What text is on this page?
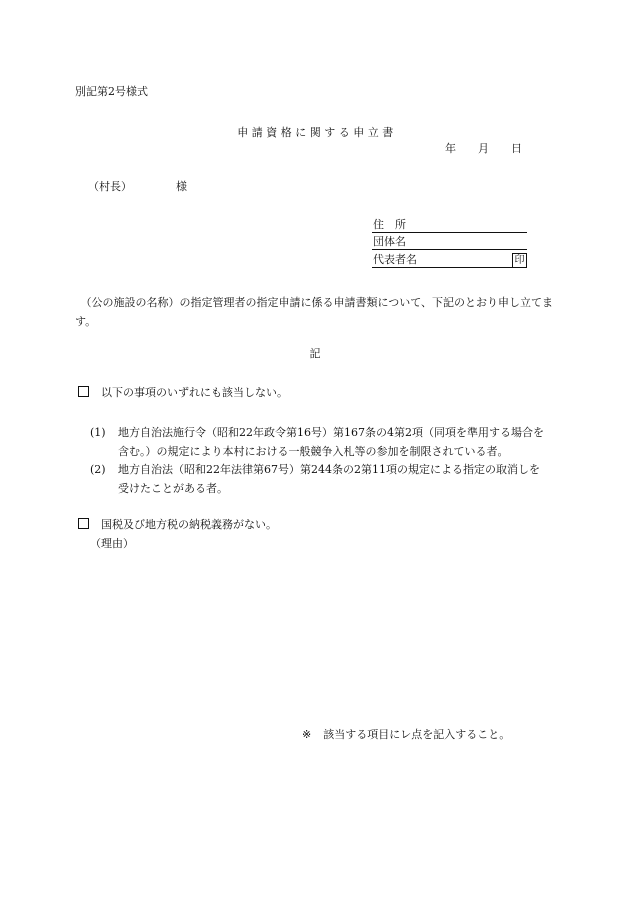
別記第2号様式
申請資格に関する申立書
年 月 日
（村長）	様
住　所
団体名
代表者名	印
　（公の施設の名称）の指定管理者の指定申請に係る申請書類について、下記のとおり申し立てます。
記
以下の事項のいずれにも該当しない。
(1) 地方自治法施行令（昭和22年政令第16号）第167条の4第2項（同項を準用する場合を
含む。）の規定により本村における一般競争入札等の参加を制限されている者。
(2) 地方自治法（昭和22年法律第67号）第244条の2第11項の規定による指定の取消しを
受けたことがある者。
国税及び地方税の納税義務がない。
（理由）
※ 該当する項目にレ点を記入すること。
